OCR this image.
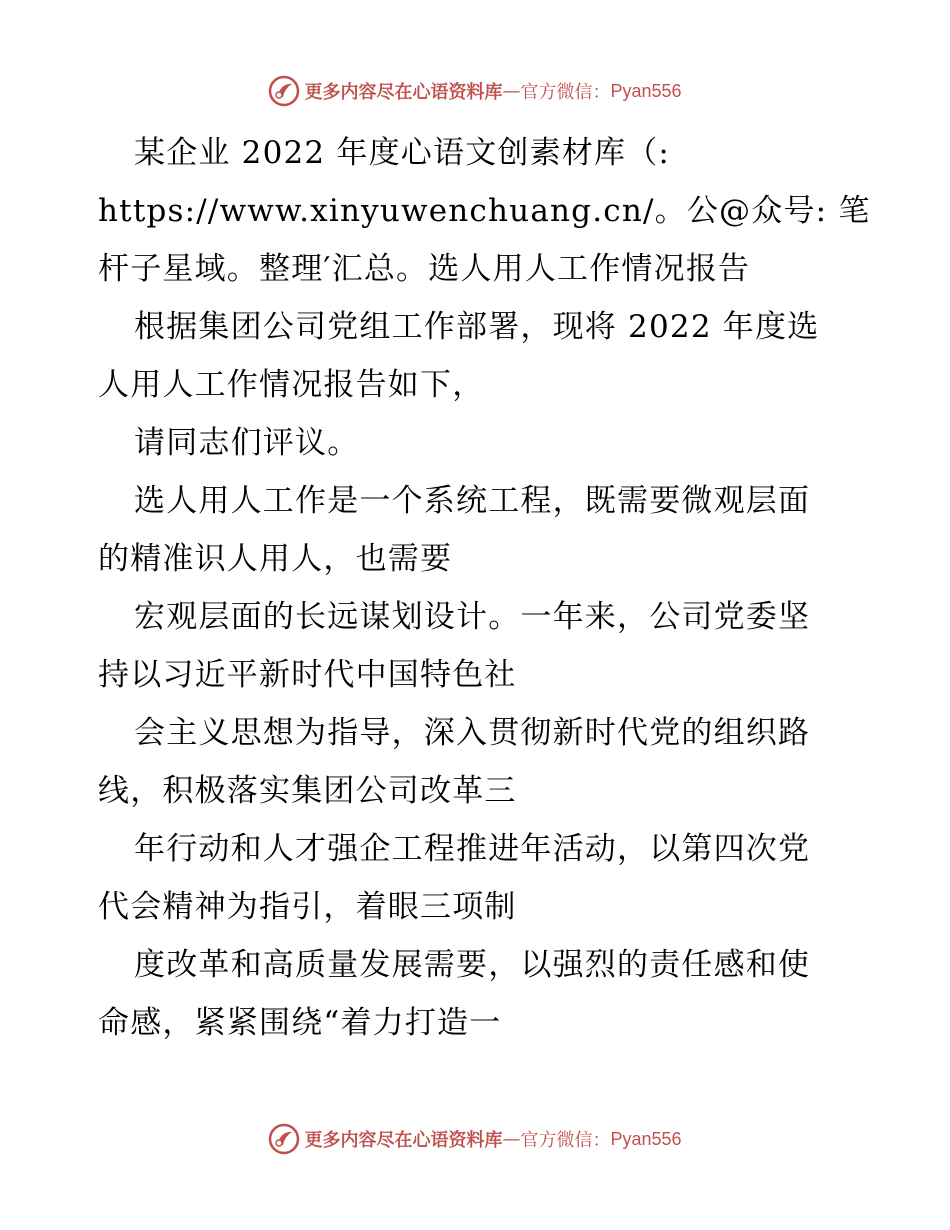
更多内容尽在心语资料库 — 官方微信： Pyan556

某企业 2022 年度心语文创素材库（:
https://www.xinyuwenchuang.cn/。公@众号: 笔
杆子星域。整理′汇总。选人用人工作情况报告

根据集团公司党组工作部署，现将 2022 年度选
人用人工作情况报告如下，

请同志们评议。

选人用人工作是一个系统工程，既需要微观层面
的精准识人用人，也需要

宏观层面的长远谋划设计。一年来，公司党委坚
持以习近平新时代中国特色社

会主义思想为指导，深入贯彻新时代党的组织路
线，积极落实集团公司改革三

年行动和人才强企工程推进年活动，以第四次党
代会精神为指引，着眼三项制

度改革和高质量发展需要，以强烈的责任感和使
命感，紧紧围绕“着力打造一

更多内容尽在心语资料库 — 官方微信： Pyan556
